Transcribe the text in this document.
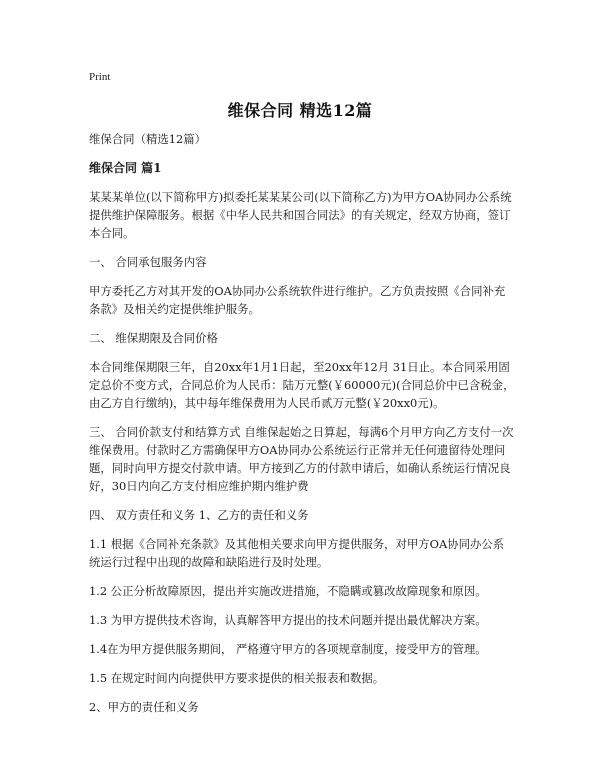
Print
维保合同 精选12篇

维保合同（精选12篇）

维保合同 篇1

某某某单位(以下简称甲方)拟委托某某某公司(以下简称乙方)为甲方OA协同办公系统提供维护保障服务。根据《中华人民共和国合同法》的有关规定，经双方协商，签订本合同。

一、 合同承包服务内容

甲方委托乙方对其开发的OA协同办公系统软件进行维护。乙方负责按照《合同补充条款》及相关约定提供维护服务。

二、 维保期限及合同价格

本合同维保期限三年，自20xx年1月1日起，至20xx年12月 31日止。本合同采用固定总价不变方式，合同总价为人民币：陆万元整(￥60000元)(合同总价中已含税金，由乙方自行缴纳)，其中每年维保费用为人民币贰万元整(￥20xx0元)。

三、 合同价款支付和结算方式 自维保起始之日算起，每满6个月甲方向乙方支付一次维保费用。付款时乙方需确保甲方OA协同办公系统运行正常并无任何遗留待处理问题，同时向甲方提交付款申请。甲方接到乙方的付款申请后，如确认系统运行情况良好，30日内向乙方支付相应维护期内维护费

四、 双方责任和义务 1、乙方的责任和义务

1.1 根据《合同补充条款》及其他相关要求向甲方提供服务，对甲方OA协同办公系统运行过程中出现的故障和缺陷进行及时处理。

1.2 公正分析故障原因，提出并实施改进措施，不隐瞒或篡改故障现象和原因。

1.3 为甲方提供技术咨询，认真解答甲方提出的技术问题并提出最优解决方案。

1.4在为甲方提供服务期间， 严格遵守甲方的各项规章制度，接受甲方的管理。

1.5 在规定时间内向提供甲方要求提供的相关报表和数据。

2、甲方的责任和义务
